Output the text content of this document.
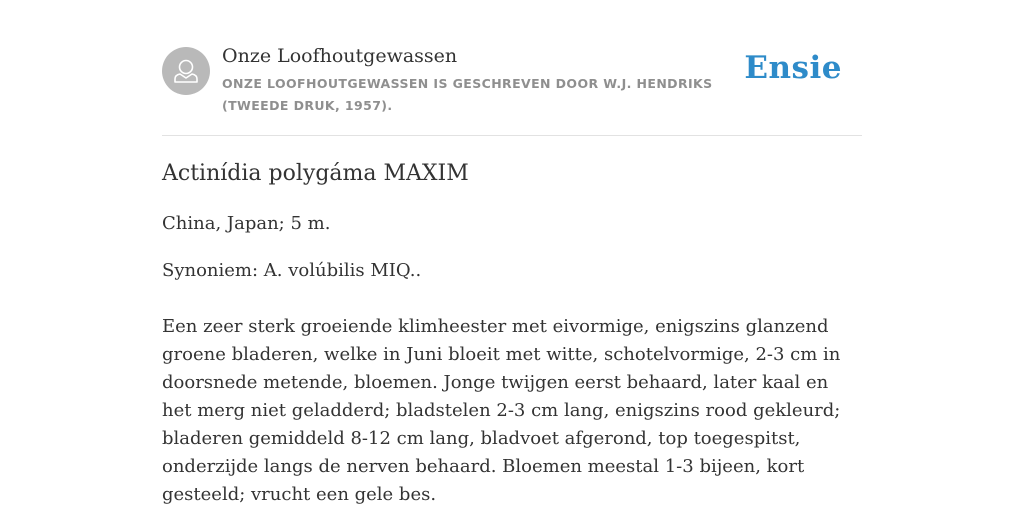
Onze Loofhoutgewassen
ONZE LOOFHOUTGEWASSEN IS GESCHREVEN DOOR W.J. HENDRIKS (TWEEDE DRUK, 1957).
Ensie
Actinídia polygáma MAXIM

China, Japan; 5 m.

Synoniem: A. volúbilis MIQ..

Een zeer sterk groeiende klimheester met eivormige, enigszins glanzend groene bladeren, welke in Juni bloeit met witte, schotelvormige, 2-3 cm in doorsnede metende, bloemen. Jonge twijgen eerst behaard, later kaal en het merg niet geladderd; bladstelen 2-3 cm lang, enigszins rood gekleurd; bladeren gemiddeld 8-12 cm lang, bladvoet afgerond, top toegespitst, onderzijde langs de nerven behaard. Bloemen meestal 1-3 bijeen, kort gesteeld; vrucht een gele bes.
